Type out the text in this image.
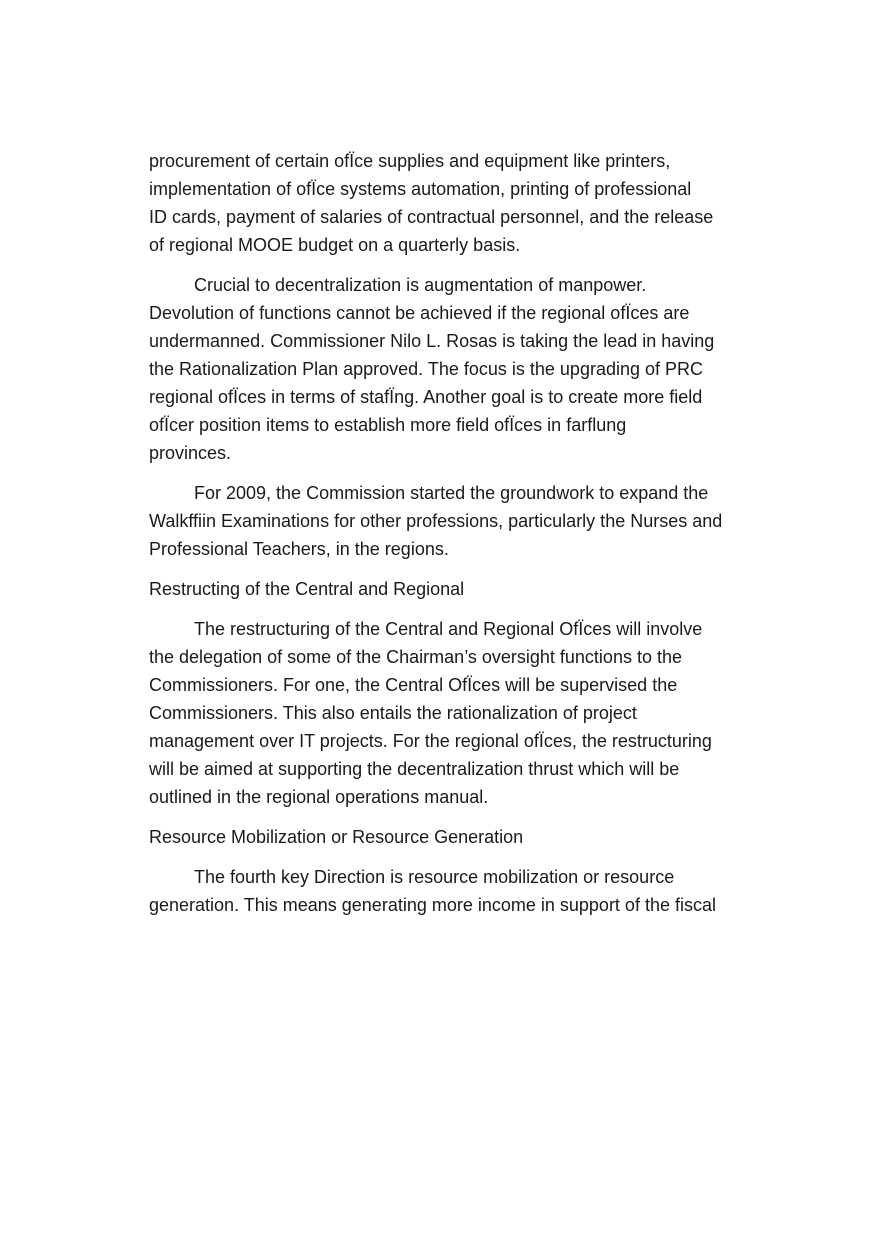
procurement of certain ofÏce supplies and equipment like printers,
implementation of ofÏce systems automation, printing of professional
ID cards, payment of salaries of contractual personnel, and the release
of regional MOOE budget on a quarterly basis.
Crucial to decentralization is augmentation of manpower.
Devolution of functions cannot be achieved if the regional ofÏces are
undermanned. Commissioner Nilo L. Rosas is taking the lead in having
the Rationalization Plan approved. The focus is the upgrading of PRC
regional ofÏces in terms of stafÏng. Another goal is to create more field
ofÏcer position items to establish more field ofÏces in farflung
provinces.
For 2009, the Commission started the groundwork to expand the
Walkffiin Examinations for other professions, particularly the Nurses and
Professional Teachers, in the regions.
Restructing of the Central and Regional
The restructuring of the Central and Regional OfÏces will involve
the delegation of some of the Chairman’s oversight functions to the
Commissioners. For one, the Central OfÏces will be supervised the
Commissioners. This also entails the rationalization of project
management over IT projects. For the regional ofÏces, the restructuring
will be aimed at supporting the decentralization thrust which will be
outlined in the regional operations manual.
Resource Mobilization or Resource Generation
The fourth key Direction is resource mobilization or resource
generation. This means generating more income in support of the fiscal
